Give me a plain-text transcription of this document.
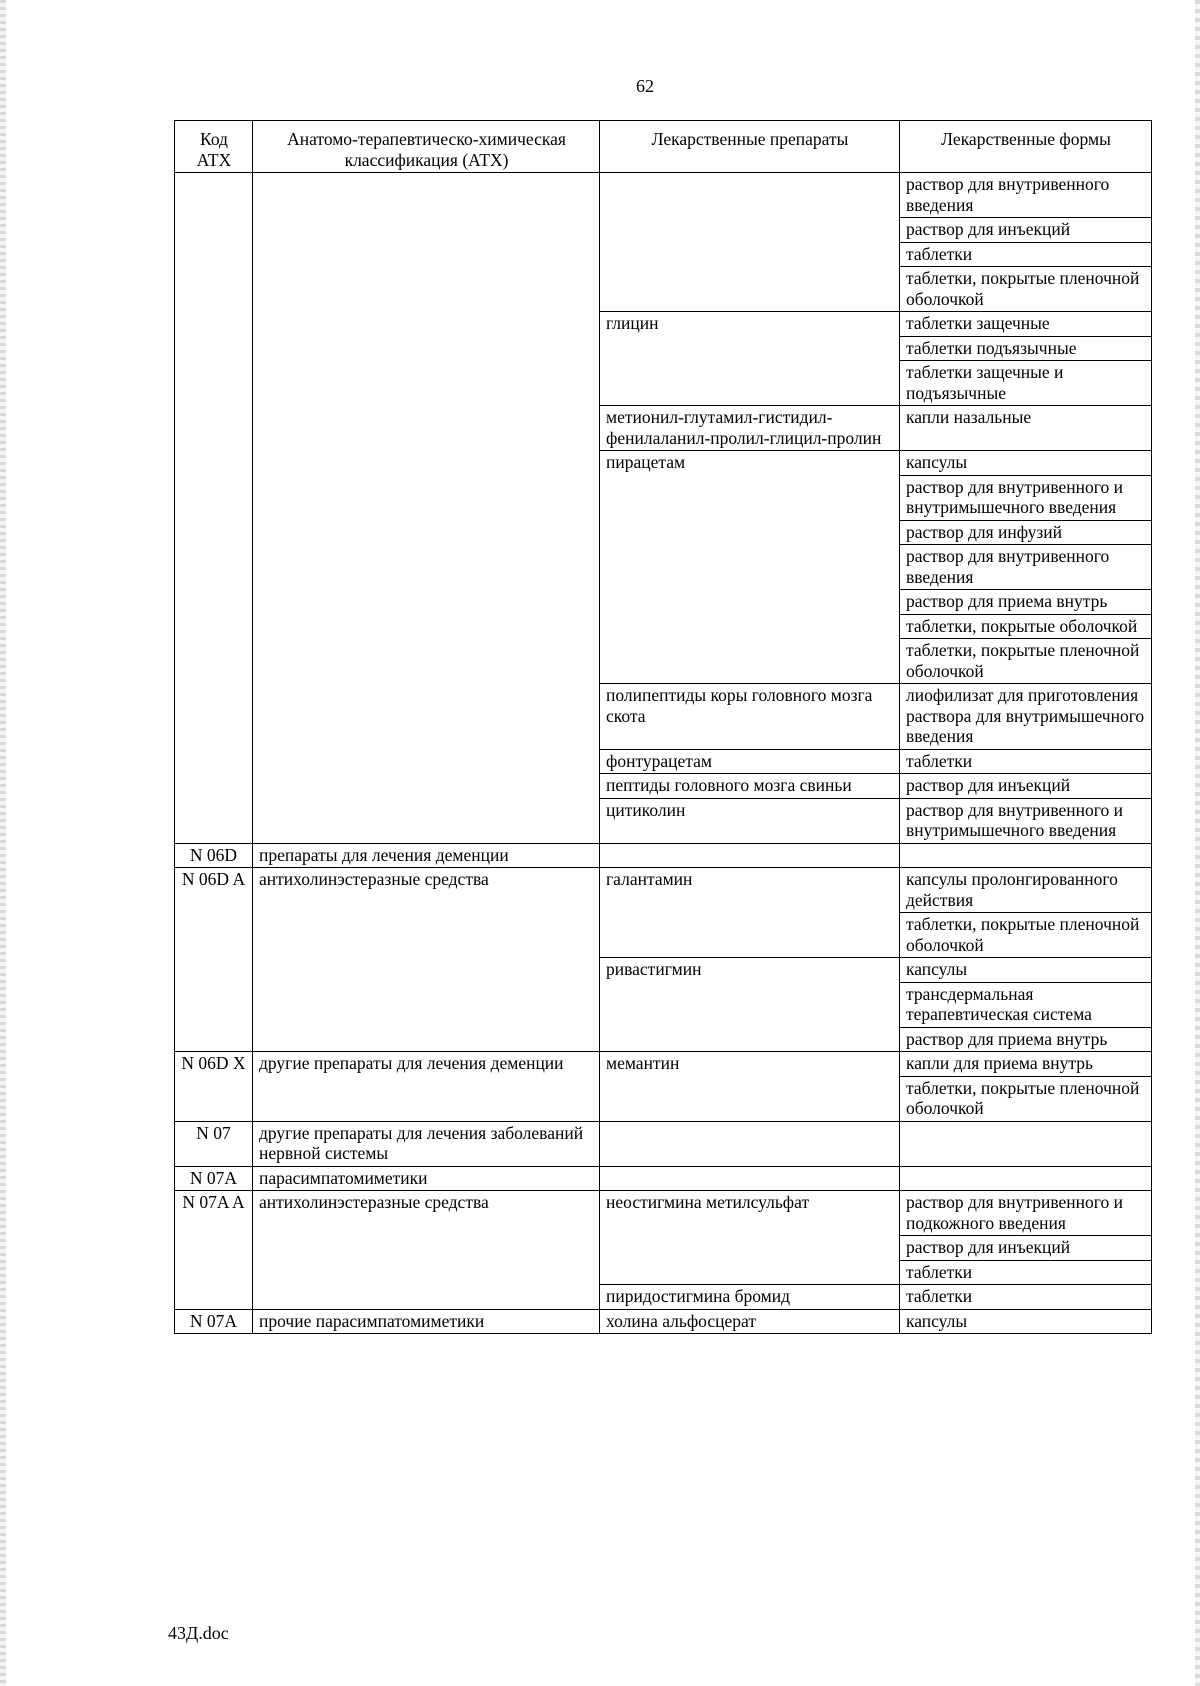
62
Код АТХ	Анатомо-терапевтическо-химическая классификация (АТХ)	Лекарственные препараты	Лекарственные формы
			раствор для внутривенного введения
			раствор для инъекций
			таблетки
			таблетки, покрытые пленочной оболочкой
		глицин	таблетки защечные
			таблетки подъязычные
			таблетки защечные и подъязычные
		метионил-глутамил-гистидил-фенилаланил-пролил-глицил-пролин	капли назальные
		пирацетам	капсулы
			раствор для внутривенного и внутримышечного введения
			раствор для инфузий
			раствор для внутривенного введения
			раствор для приема внутрь
			таблетки, покрытые оболочкой
			таблетки, покрытые пленочной оболочкой
		полипептиды коры головного мозга скота	лиофилизат для приготовления раствора для внутримышечного введения
		фонтурацетам	таблетки
		пептиды головного мозга свиньи	раствор для инъекций
		цитиколин	раствор для внутривенного и внутримышечного введения
N 06D	препараты для лечения деменции		
N 06D A	антихолинэстеразные средства	галантамин	капсулы пролонгированного действия
			таблетки, покрытые пленочной оболочкой
		ривастигмин	капсулы
			трансдермальная терапевтическая система
			раствор для приема внутрь
N 06D X	другие препараты для лечения деменции	мемантин	капли для приема внутрь
			таблетки, покрытые пленочной оболочкой
N 07	другие препараты для лечения заболеваний нервной системы		
N 07A	парасимпатомиметики		
N 07A A	антихолинэстеразные средства	неостигмина метилсульфат	раствор для внутривенного и подкожного введения
			раствор для инъекций
			таблетки
		пиридостигмина бромид	таблетки
N 07A	прочие парасимпатомиметики	холина альфосцерат	капсулы
43Д.doc
